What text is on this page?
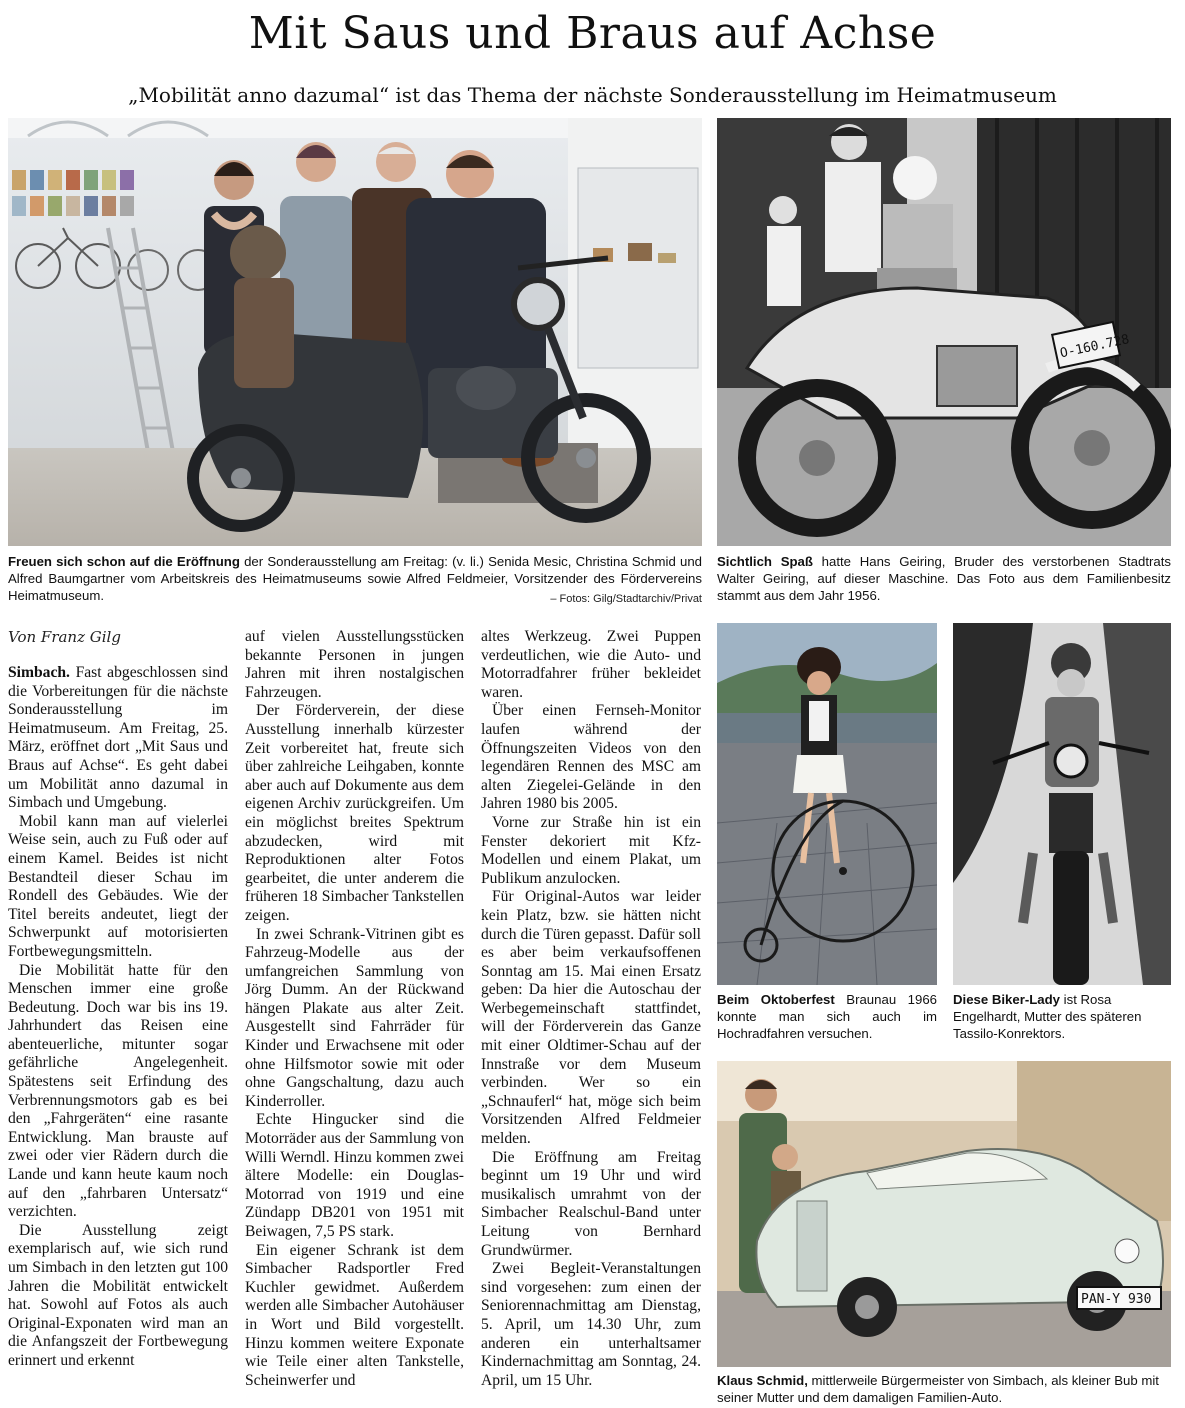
Mit Saus und Braus auf Achse
„Mobilität anno dazumal“ ist das Thema der nächste Sonderausstellung im Heimatmuseum
Freuen sich schon auf die Eröffnung der Sonderausstellung am Freitag: (v. li.) Senida Mesic, Christina Schmid und Alfred Baumgartner vom Arbeitskreis des Heimatmuseums sowie Alfred Feldmeier, Vorsitzender des Fördervereins Heimatmuseum.	– Fotos: Gilg/Stadtarchiv/Privat
O-160.728
Sichtlich Spaß hatte Hans Geiring, Bruder des verstorbenen Stadtrats Walter Geiring, auf dieser Maschine. Das Foto aus dem Familienbesitz stammt aus dem Jahr 1956.
Beim Oktoberfest Braunau 1966 konnte man sich auch im Hochradfahren versuchen.
Diese Biker-Lady ist Rosa Engelhardt, Mutter des späteren Tassilo-Konrektors.
PAN-Y 930
Klaus Schmid, mittlerweile Bürgermeister von Simbach, als kleiner Bub mit seiner Mutter und dem damaligen Familien-Auto.
Von Franz Gilg

Simbach. Fast abgeschlossen sind die Vorbereitungen für die nächste Sonderausstellung im Heimatmuseum. Am Freitag, 25. März, eröffnet dort „Mit Saus und Braus auf Achse“. Es geht dabei um Mobilität anno dazumal in Simbach und Umgebung.

Mobil kann man auf vielerlei Weise sein, auch zu Fuß oder auf einem Kamel. Beides ist nicht Bestandteil dieser Schau im Rondell des Gebäudes. Wie der Titel bereits andeutet, liegt der Schwerpunkt auf motorisierten Fortbewegungsmitteln.

Die Mobilität hatte für den Menschen immer eine große Bedeutung. Doch war bis ins 19. Jahrhundert das Reisen eine abenteuerliche, mitunter sogar gefährliche Angelegenheit. Spätestens seit Erfindung des Verbrennungsmotors gab es bei den „Fahrgeräten“ eine rasante Entwicklung. Man brauste auf zwei oder vier Rädern durch die Lande und kann heute kaum noch auf den „fahrbaren Untersatz“ verzichten.

Die Ausstellung zeigt exemplarisch auf, wie sich rund um Simbach in den letzten gut 100 Jahren die Mobilität entwickelt hat. Sowohl auf Fotos als auch Original-Exponaten wird man an die Anfangszeit der Fortbewegung erinnert und erkennt

auf vielen Ausstellungsstücken bekannte Personen in jungen Jahren mit ihren nostalgischen Fahrzeugen.

Der Förderverein, der diese Ausstellung innerhalb kürzester Zeit vorbereitet hat, freute sich über zahlreiche Leihgaben, konnte aber auch auf Dokumente aus dem eigenen Archiv zurückgreifen. Um ein möglichst breites Spektrum abzudecken, wird mit Reproduktionen alter Fotos gearbeitet, die unter anderem die früheren 18 Simbacher Tankstellen zeigen.

In zwei Schrank-Vitrinen gibt es Fahrzeug-Modelle aus der umfangreichen Sammlung von Jörg Dumm. An der Rückwand hängen Plakate aus alter Zeit. Ausgestellt sind Fahrräder für Kinder und Erwachsene mit oder ohne Hilfsmotor sowie mit oder ohne Gangschaltung, dazu auch Kinderroller.

Echte Hingucker sind die Motorräder aus der Sammlung von Willi Werndl. Hinzu kommen zwei ältere Modelle: ein Douglas-Motorrad von 1919 und eine Zündapp DB201 von 1951 mit Beiwagen, 7,5 PS stark.

Ein eigener Schrank ist dem Simbacher Radsportler Fred Kuchler gewidmet. Außerdem werden alle Simbacher Autohäuser in Wort und Bild vorgestellt. Hinzu kommen weitere Exponate wie Teile einer alten Tankstelle, Scheinwerfer und

altes Werkzeug. Zwei Puppen verdeutlichen, wie die Auto- und Motorradfahrer früher bekleidet waren.

Über einen Fernseh-Monitor laufen während der Öffnungszeiten Videos von den legendären Rennen des MSC am alten Ziegelei-Gelände in den Jahren 1980 bis 2005.

Vorne zur Straße hin ist ein Fenster dekoriert mit Kfz-Modellen und einem Plakat, um Publikum anzulocken.

Für Original-Autos war leider kein Platz, bzw. sie hätten nicht durch die Türen gepasst. Dafür soll es aber beim verkaufsoffenen Sonntag am 15. Mai einen Ersatz geben: Da hier die Autoschau der Werbegemeinschaft stattfindet, will der Förderverein das Ganze mit einer Oldtimer-Schau auf der Innstraße vor dem Museum verbinden. Wer so ein „Schnauferl“ hat, möge sich beim Vorsitzenden Alfred Feldmeier melden.

Die Eröffnung am Freitag beginnt um 19 Uhr und wird musikalisch umrahmt von der Simbacher Realschul-Band unter Leitung von Bernhard Grundwürmer.

Zwei Begleit-Veranstaltungen sind vorgesehen: zum einen der Seniorennachmittag am Dienstag, 5. April, um 14.30 Uhr, zum anderen ein unterhaltsamer Kindernachmittag am Sonntag, 24. April, um 15 Uhr.
